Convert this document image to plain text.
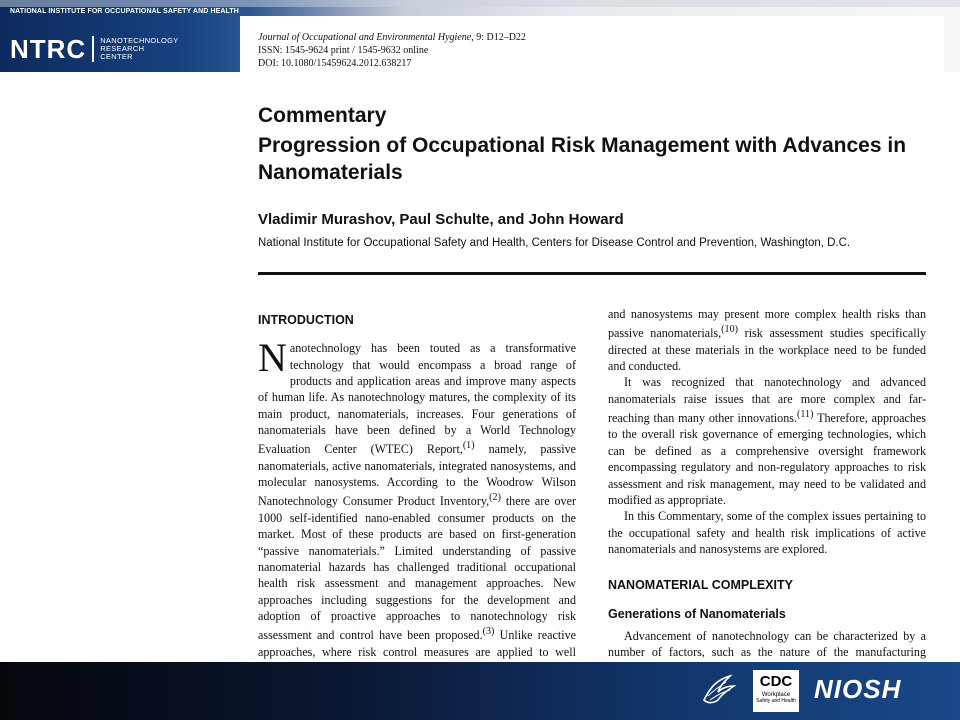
NATIONAL INSTITUTE FOR OCCUPATIONAL SAFETY AND HEALTH
NTRC NANOTECHNOLOGY
RESEARCH
CENTER
Journal of Occupational and Environmental Hygiene, 9: D12–D22
ISSN: 1545-9624 print / 1545-9632 online
DOI: 10.1080/15459624.2012.638217
Commentary
Progression of Occupational Risk Management with Advances in Nanomaterials
Vladimir Murashov, Paul Schulte, and John Howard
National Institute for Occupational Safety and Health, Centers for Disease Control and Prevention, Washington, D.C.
INTRODUCTION

Nanotechnology has been touted as a transformative technology that would encompass a broad range of products and application areas and improve many aspects of human life. As nanotechnology matures, the complexity of its main product, nanomaterials, increases. Four generations of nanomaterials have been defined by a World Technology Evaluation Center (WTEC) Report,$^{(1)}$ namely, passive nanomaterials, active nanomaterials, integrated nanosystems, and molecular nanosystems. According to the Woodrow Wilson Nanotechnology Consumer Product Inventory,$^{(2)}$ there are over 1000 self-identified nano-enabled consumer products on the market. Most of these products are based on first-generation “passive nanomaterials.” Limited understanding of passive nanomaterial hazards has challenged traditional occupational health risk assessment and management approaches. New approaches including suggestions for the development and adoption of proactive approaches to nanotechnology risk assessment and control have been proposed.$^{(3)}$ Unlike reactive approaches, where risk control measures are applied to well

and nanosystems may present more complex health risks than passive nanomaterials,$^{(10)}$ risk assessment studies specifically directed at these materials in the workplace need to be funded and conducted.

It was recognized that nanotechnology and advanced nanomaterials raise issues that are more complex and far-reaching than many other innovations.$^{(11)}$ Therefore, approaches to the overall risk governance of emerging technologies, which can be defined as a comprehensive oversight framework encompassing regulatory and non-regulatory approaches to risk assessment and risk management, may need to be validated and modified as appropriate.

In this Commentary, some of the complex issues pertaining to the occupational safety and health risk implications of active nanomaterials and nanosystems are explored.

NANOMATERIAL COMPLEXITY
Generations of Nanomaterials

Advancement of nanotechnology can be characterized by a number of factors, such as the nature of the manufacturing

CDC
Workplace
Safety and Health NIOSH
